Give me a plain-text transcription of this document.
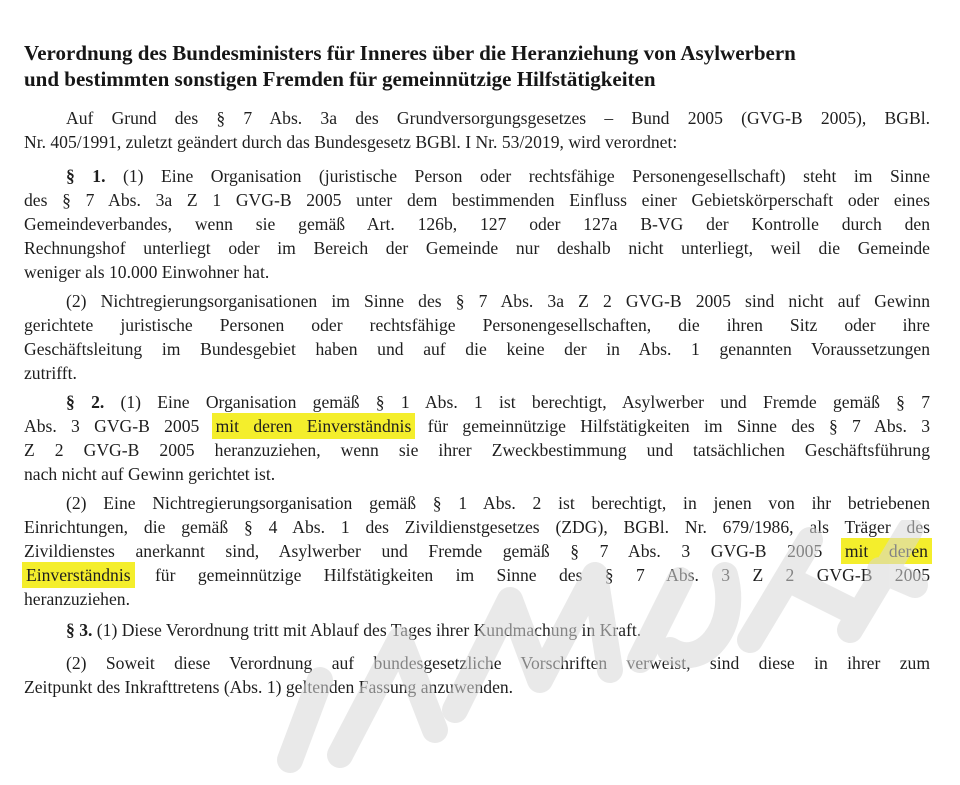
Verordnung des Bundesministers für Inneres über die Heranziehung von Asylwerbern
und bestimmten sonstigen Fremden für gemeinnützige Hilfstätigkeiten
Auf Grund des § 7 Abs. 3a des Grundversorgungsgesetzes – Bund 2005 (GVG-B 2005), BGBl.
Nr. 405/1991, zuletzt geändert durch das Bundesgesetz BGBl. I Nr. 53/2019, wird verordnet:
§ 1. (1) Eine Organisation (juristische Person oder rechtsfähige Personengesellschaft) steht im Sinne
des § 7 Abs. 3a Z 1 GVG-B 2005 unter dem bestimmenden Einfluss einer Gebietskörperschaft oder eines
Gemeindeverbandes, wenn sie gemäß Art. 126b, 127 oder 127a B-VG der Kontrolle durch den
Rechnungshof unterliegt oder im Bereich der Gemeinde nur deshalb nicht unterliegt, weil die Gemeinde
weniger als 10.000 Einwohner hat.
(2) Nichtregierungsorganisationen im Sinne des § 7 Abs. 3a Z 2 GVG-B 2005 sind nicht auf Gewinn
gerichtete juristische Personen oder rechtsfähige Personengesellschaften, die ihren Sitz oder ihre
Geschäftsleitung im Bundesgebiet haben und auf die keine der in Abs. 1 genannten Voraussetzungen
zutrifft.
§ 2. (1) Eine Organisation gemäß § 1 Abs. 1 ist berechtigt, Asylwerber und Fremde gemäß § 7
Abs. 3 GVG-B 2005 mit deren Einverständnis für gemeinnützige Hilfstätigkeiten im Sinne des § 7 Abs. 3
Z 2 GVG-B 2005 heranzuziehen, wenn sie ihrer Zweckbestimmung und tatsächlichen Geschäftsführung
nach nicht auf Gewinn gerichtet ist.
(2) Eine Nichtregierungsorganisation gemäß § 1 Abs. 2 ist berechtigt, in jenen von ihr betriebenen
Einrichtungen, die gemäß § 4 Abs. 1 des Zivildienstgesetzes (ZDG), BGBl. Nr. 679/1986, als Träger des
Zivildienstes anerkannt sind, Asylwerber und Fremde gemäß § 7 Abs. 3 GVG-B 2005 mit deren
Einverständnis für gemeinnützige Hilfstätigkeiten im Sinne des § 7 Abs. 3 Z 2 GVG-B 2005
heranzuziehen.
§ 3. (1) Diese Verordnung tritt mit Ablauf des Tages ihrer Kundmachung in Kraft.
(2) Soweit diese Verordnung auf bundesgesetzliche Vorschriften verweist, sind diese in ihrer zum
Zeitpunkt des Inkrafttretens (Abs. 1) geltenden Fassung anzuwenden.
